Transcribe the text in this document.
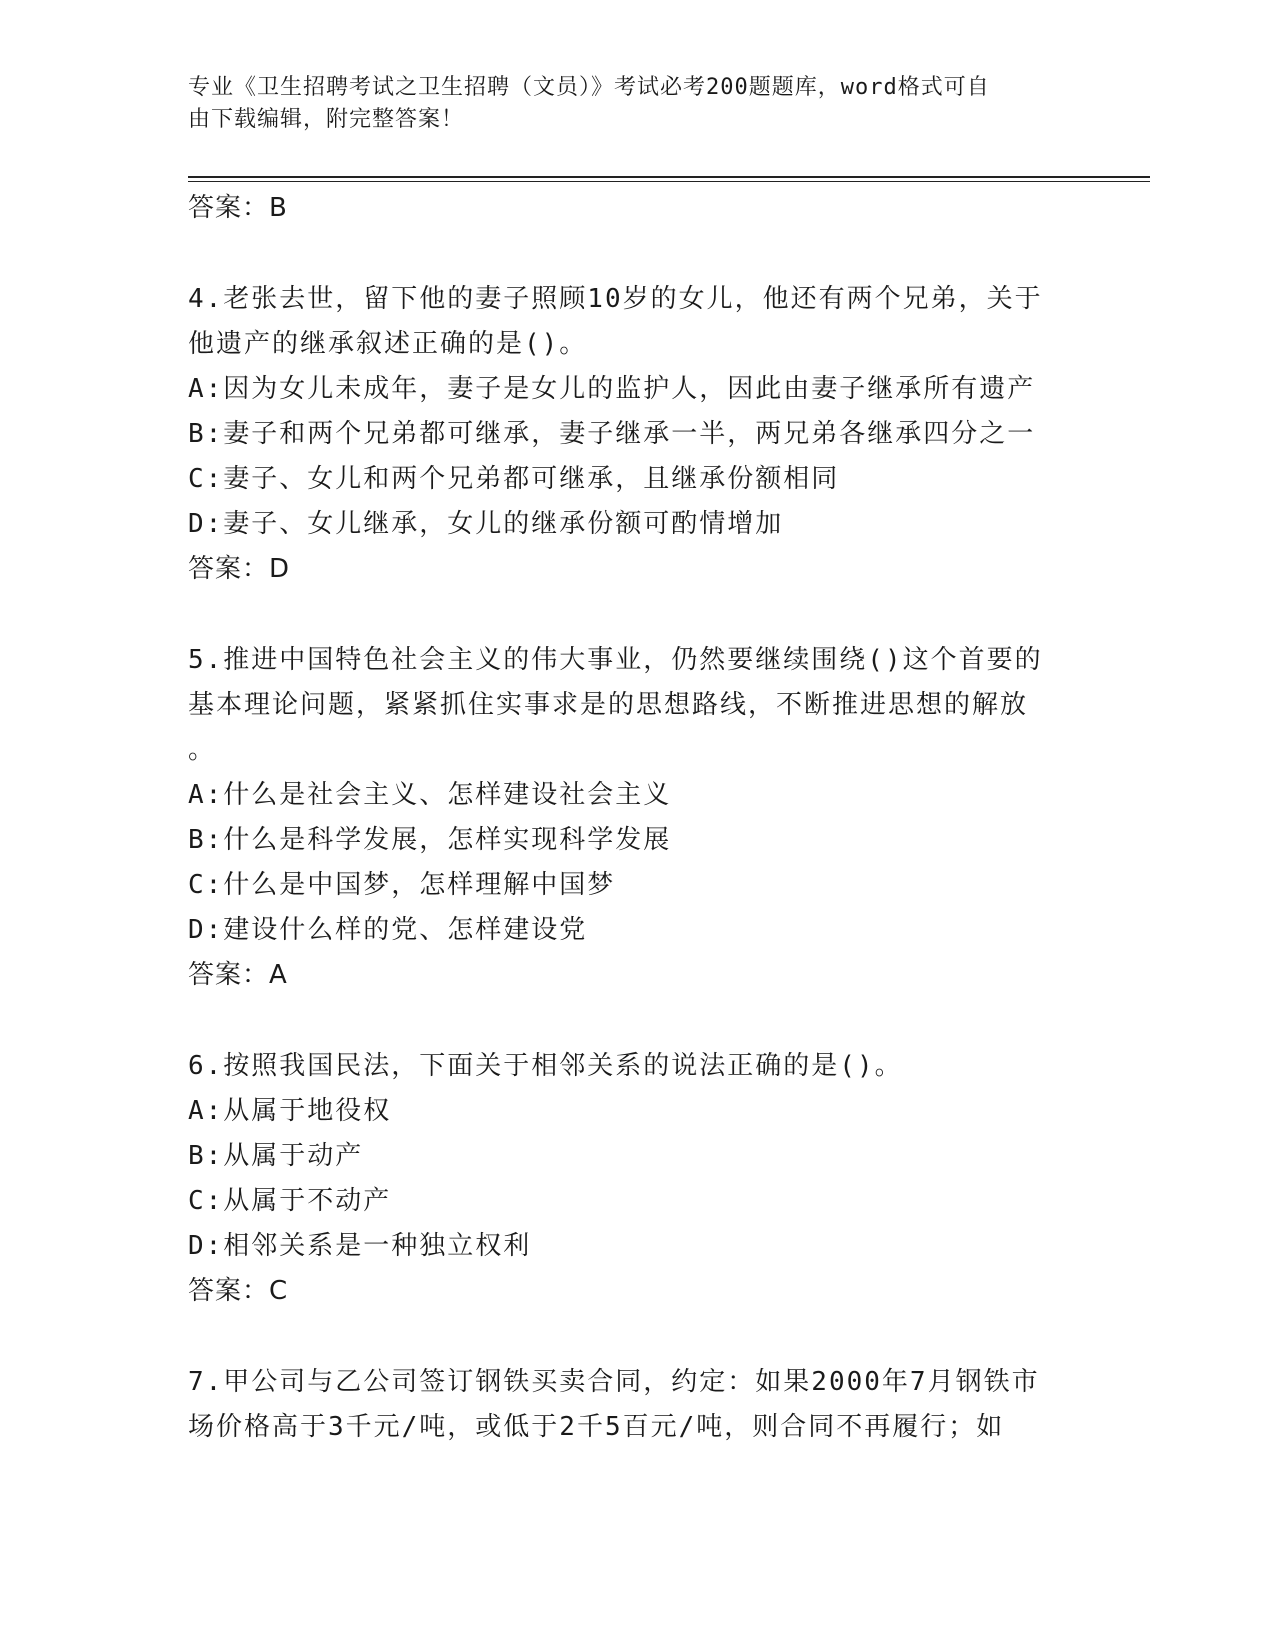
专业《卫生招聘考试之卫生招聘（文员）》考试必考200题题库，word格式可自
由下载编辑，附完整答案！
答案：B
4.老张去世，留下他的妻子照顾10岁的女儿，他还有两个兄弟，关于
他遗产的继承叙述正确的是()。
A:因为女儿未成年，妻子是女儿的监护人，因此由妻子继承所有遗产
B:妻子和两个兄弟都可继承，妻子继承一半，两兄弟各继承四分之一
C:妻子、女儿和两个兄弟都可继承，且继承份额相同
D:妻子、女儿继承，女儿的继承份额可酌情增加
答案：D
5.推进中国特色社会主义的伟大事业，仍然要继续围绕()这个首要的
基本理论问题，紧紧抓住实事求是的思想路线，不断推进思想的解放
。
A:什么是社会主义、怎样建设社会主义
B:什么是科学发展，怎样实现科学发展
C:什么是中国梦，怎样理解中国梦
D:建设什么样的党、怎样建设党
答案：A
6.按照我国民法，下面关于相邻关系的说法正确的是()。
A:从属于地役权
B:从属于动产
C:从属于不动产
D:相邻关系是一种独立权利
答案：C
7.甲公司与乙公司签订钢铁买卖合同，约定：如果2000年7月钢铁市
场价格高于3千元/吨，或低于2千5百元/吨，则合同不再履行；如
